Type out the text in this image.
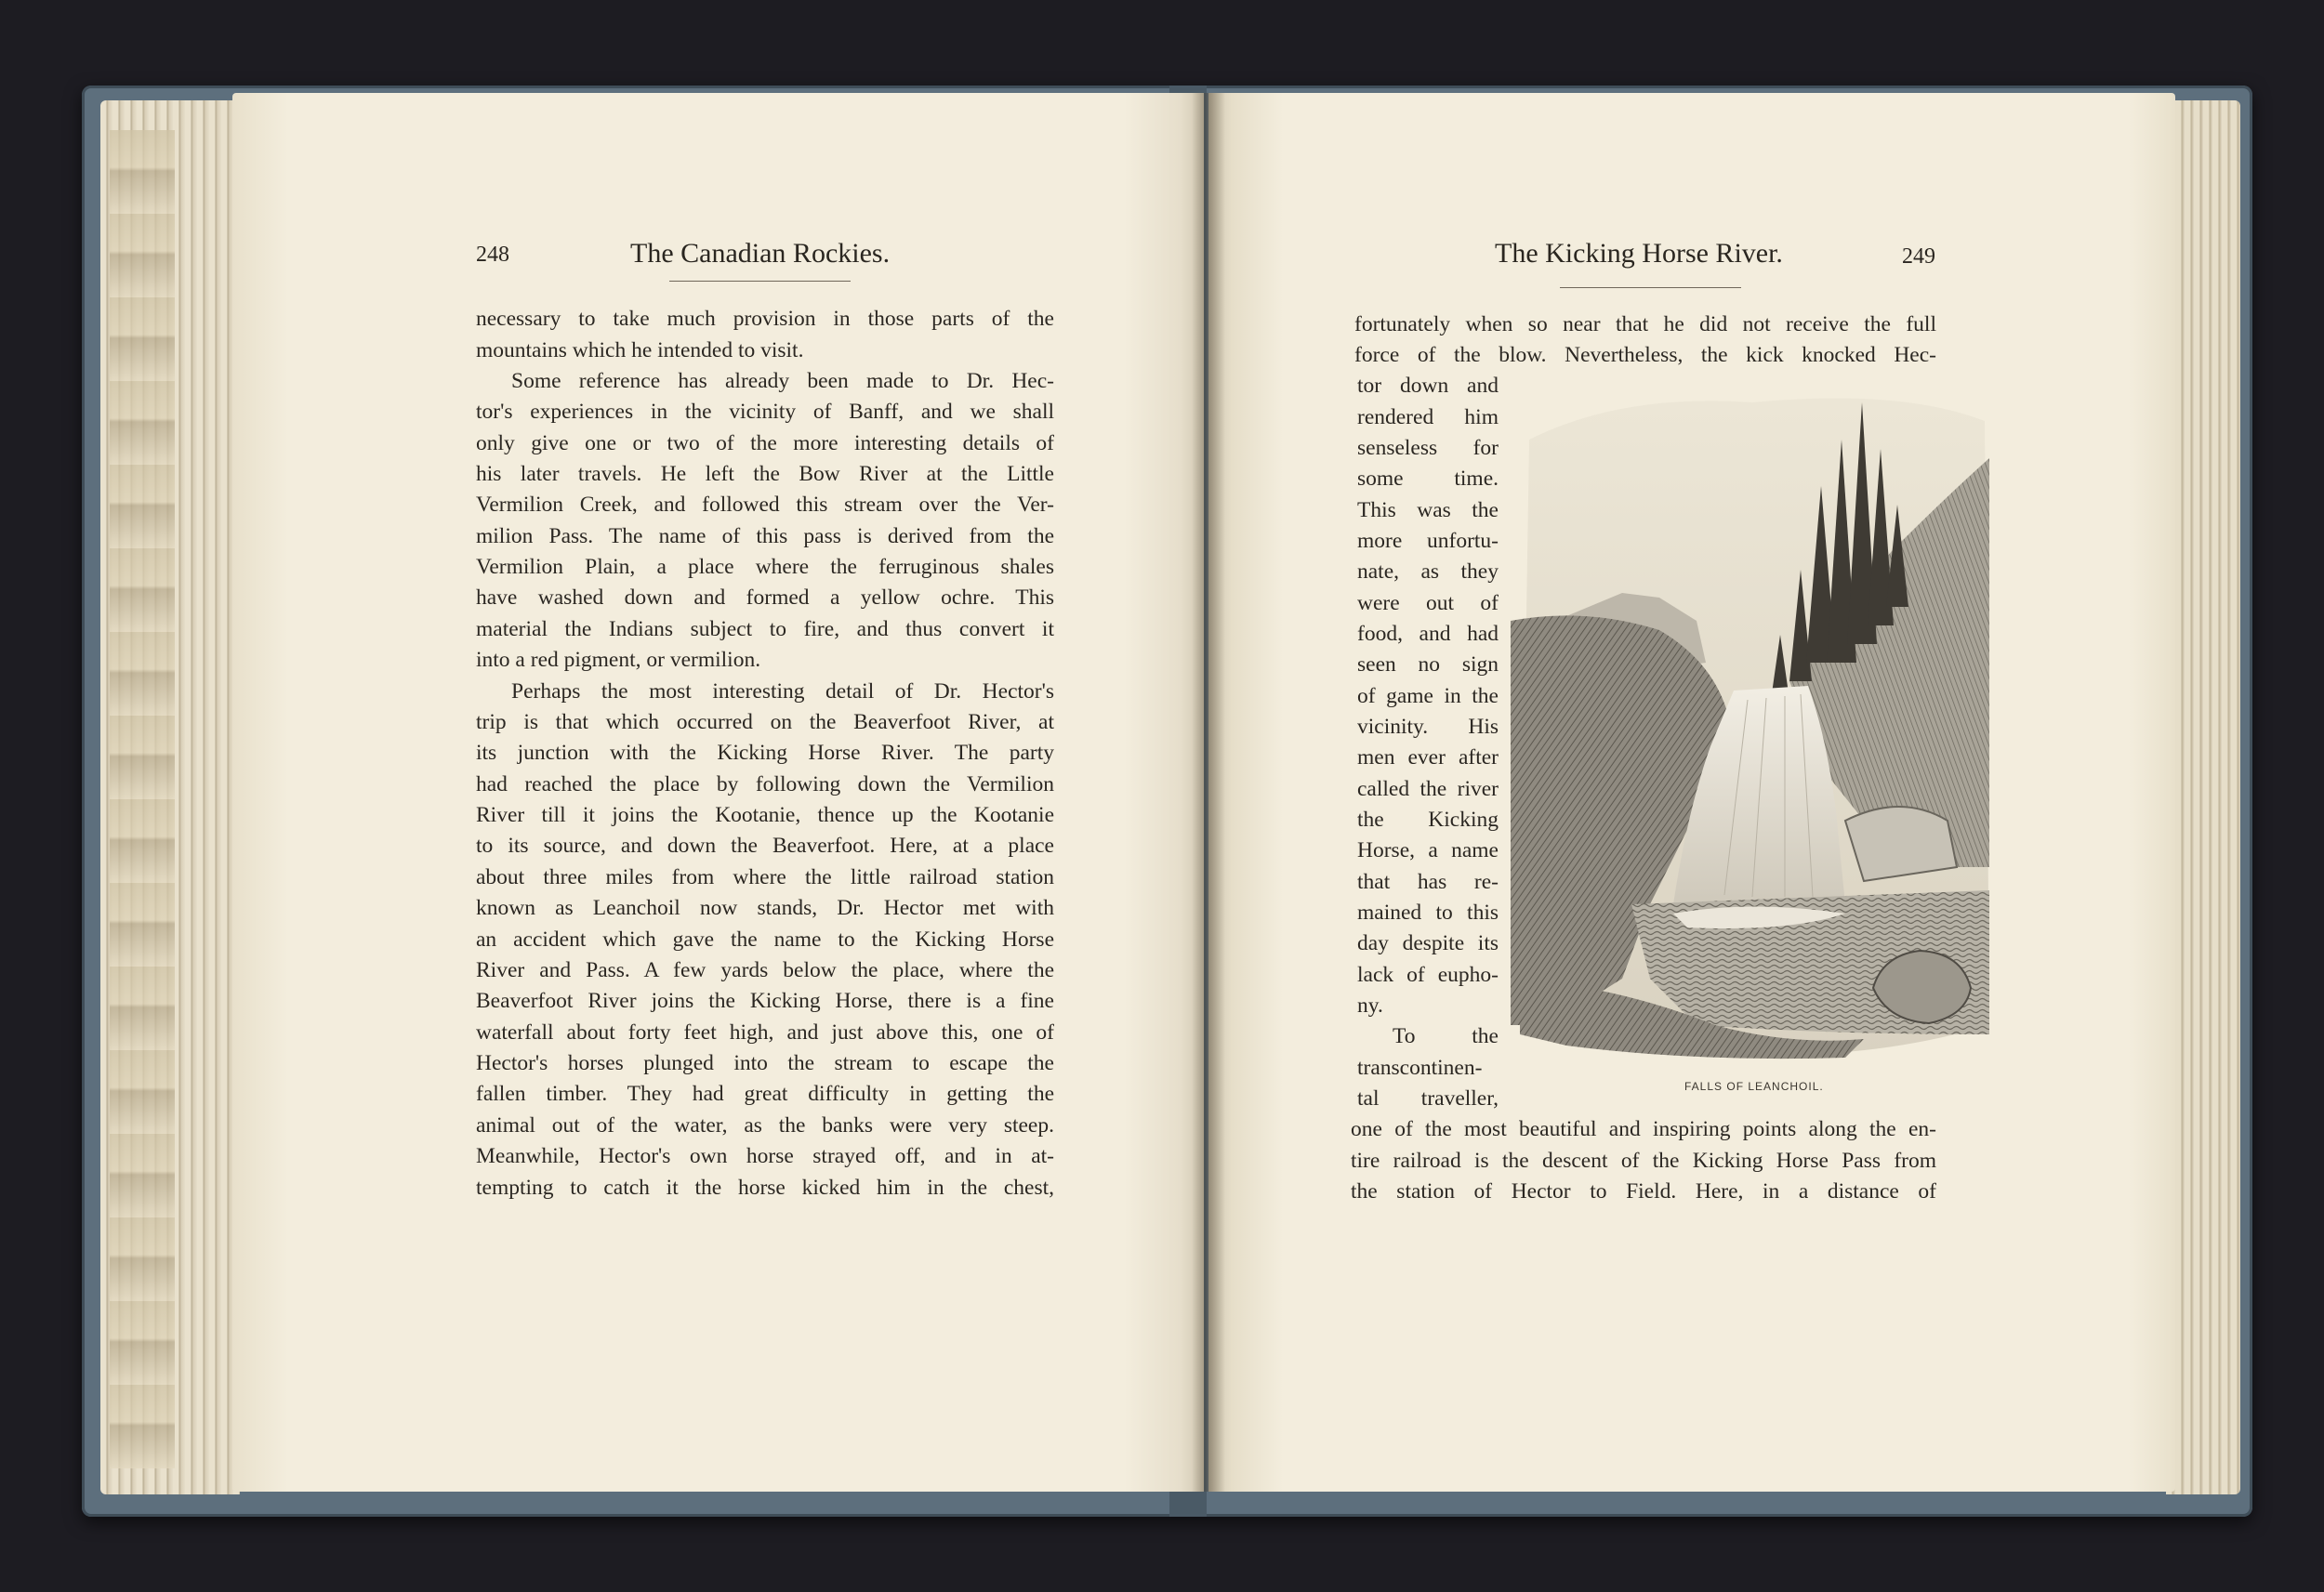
248	The Canadian Rockies.	The Kicking Horse River.	249
necessary to take much provision in those parts of the
mountains which he intended to visit.
Some reference has already been made to Dr. Hec-
tor's experiences in the vicinity of Banff, and we shall
only give one or two of the more interesting details of
his later travels. He left the Bow River at the Little
Vermilion Creek, and followed this stream over the Ver-
milion Pass. The name of this pass is derived from the
Vermilion Plain, a place where the ferruginous shales
have washed down and formed a yellow ochre. This
material the Indians subject to fire, and thus convert it
into a red pigment, or vermilion.
Perhaps the most interesting detail of Dr. Hector's
trip is that which occurred on the Beaverfoot River, at
its junction with the Kicking Horse River. The party
had reached the place by following down the Vermilion
River till it joins the Kootanie, thence up the Kootanie
to its source, and down the Beaverfoot. Here, at a place
about three miles from where the little railroad station
known as Leanchoil now stands, Dr. Hector met with
an accident which gave the name to the Kicking Horse
River and Pass. A few yards below the place, where the
Beaverfoot River joins the Kicking Horse, there is a fine
waterfall about forty feet high, and just above this, one of
Hector's horses plunged into the stream to escape the
fallen timber. They had great difficulty in getting the
animal out of the water, as the banks were very steep.
Meanwhile, Hector's own horse strayed off, and in at-
tempting to catch it the horse kicked him in the chest,
fortunately when so near that he did not receive the full
force of the blow. Nevertheless, the kick knocked Hec-
tor down and
rendered him
senseless for
some time.
This was the
more unfortu-
nate, as they
were out of
food, and had
seen no sign
of game in the
vicinity. His
men ever after
called the river
the Kicking
Horse, a name
that has re-
mained to this
day despite its
lack of eupho-
ny.
To the
transcontinen-
tal traveller,
one of the most beautiful and inspiring points along the en-
tire railroad is the descent of the Kicking Horse Pass from
the station of Hector to Field. Here, in a distance of
FALLS OF LEANCHOIL.
